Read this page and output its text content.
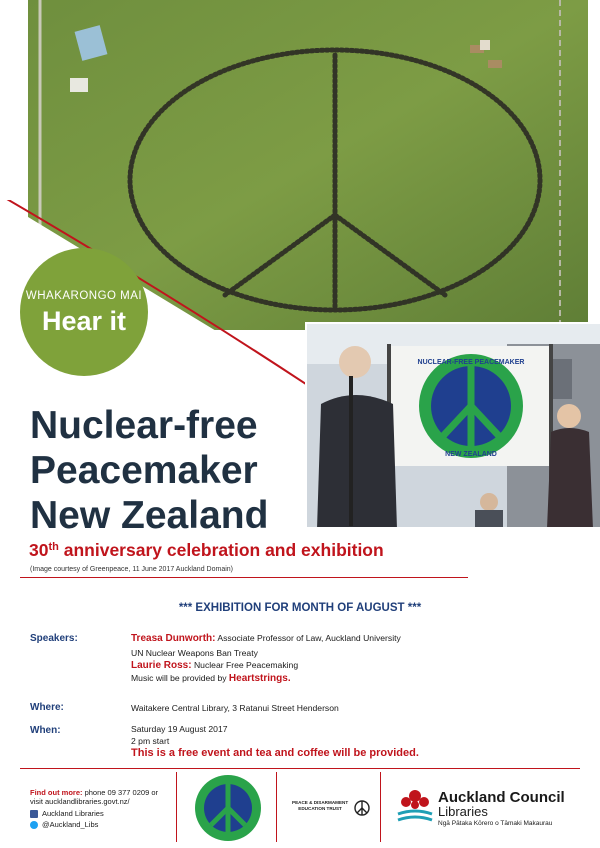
WHAKARONGO MAI
Hear it
NUCLEAR-FREE PEACEMAKER
NEW ZEALAND
Nuclear-free
Peacemaker
New Zealand
30th anniversary celebration and exhibition
(Image courtesy of Greenpeace, 11 June 2017 Auckland Domain)
*** EXHIBITION FOR MONTH OF AUGUST ***
Speakers:	Treasa Dunworth: Associate Professor of Law, Auckland University
UN Nuclear Weapons Ban Treaty
Laurie Ross: Nuclear Free Peacemaking
Music will be provided by Heartstrings.
Where:	Waitakere Central Library, 3 Ratanui Street Henderson
When:	Saturday 19 August 2017
2 pm start
This is a free event and tea and coffee will be provided.
Find out more: phone 09 377 0209 or
visit aucklandlibraries.govt.nz/
Auckland Libraries
@Auckland_Libs
PEACE & DISARMAMENT
EDUCATION TRUST
Auckland Council
Libraries
Ngā Pātaka Kōrero o Tāmaki Makaurau
